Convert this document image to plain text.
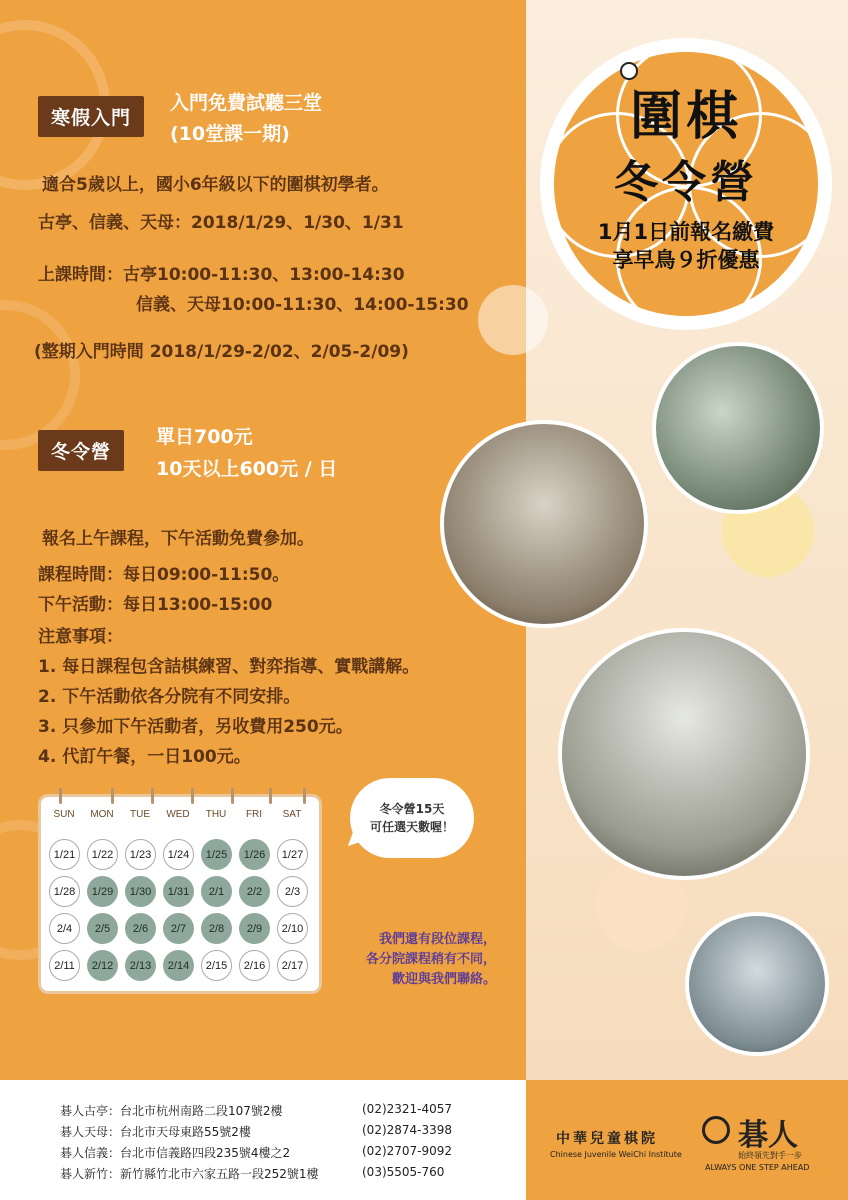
寒假入門
入門免費試聽三堂
(10堂課一期)
適合5歲以上，國小6年級以下的圍棋初學者。
古亭、信義、天母：2018/1/29、1/30、1/31
上課時間：古亭10:00-11:30、13:00-14:30
信義、天母10:00-11:30、14:00-15:30
(整期入門時間 2018/1/29-2/02、2/05-2/09)
冬令營
單日700元
10天以上600元 / 日
報名上午課程，下午活動免費參加。
課程時間：每日09:00-11:50。
下午活動：每日13:00-15:00
注意事項：
1. 每日課程包含詰棋練習、對弈指導、實戰講解。
2. 下午活動依各分院有不同安排。
3. 只參加下午活動者，另收費用250元。
4. 代訂午餐，一日100元。
SUN	MON	TUE	WED	THU	FRI	SAT
1/21	1/22	1/23	1/24	1/25	1/26	1/27
1/28	1/29	1/30	1/31	2/1	2/2	2/3
2/4	2/5	2/6	2/7	2/8	2/9	2/10
2/11	2/12	2/13	2/14	2/15	2/16	2/17
冬令營15天
可任選天數喔！
我們還有段位課程，
各分院課程稍有不同，
歡迎與我們聯絡。
圍棋
冬令營
1月1日前報名繳費
享早鳥９折優惠
碁人古亭：台北市杭州南路二段107號2樓	(02)2321-4057
碁人天母：台北市天母東路55號2樓	(02)2874-3398
碁人信義：台北市信義路四段235號4樓之2	(02)2707-9092
碁人新竹：新竹縣竹北市六家五路一段252號1樓	(03)5505-760
中華兒童棋院
Chinese Juvenile WeiChi Institute
碁人
始終領先對手一步
ALWAYS ONE STEP AHEAD
